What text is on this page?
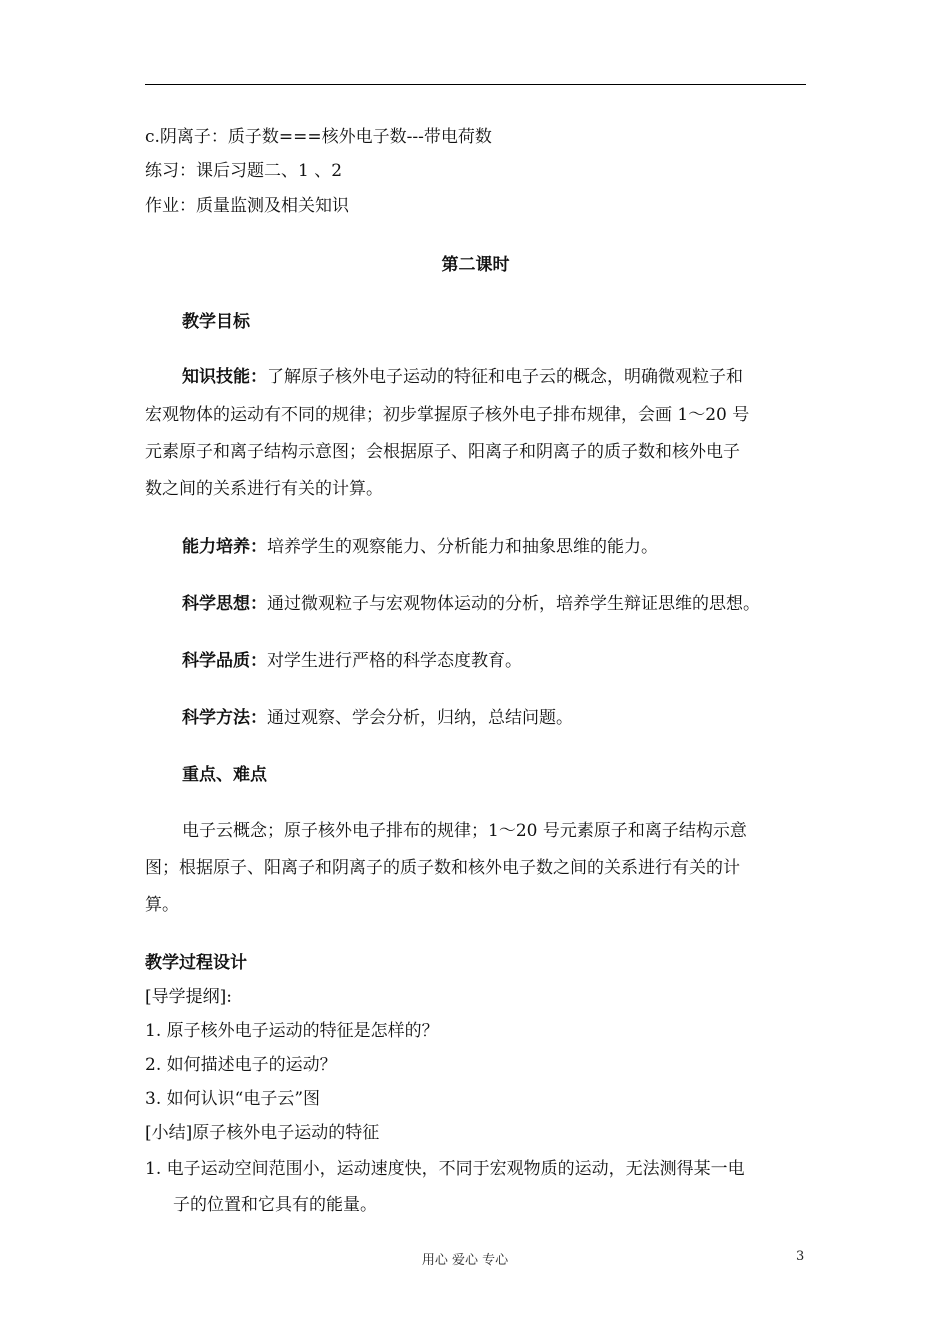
c.阴离子：质子数===核外电子数---带电荷数
练习：课后习题二、1 、2
作业：质量监测及相关知识
第二课时
教学目标
知识技能：了解原子核外电子运动的特征和电子云的概念，明确微观粒子和
宏观物体的运动有不同的规律；初步掌握原子核外电子排布规律，会画 1～20 号
元素原子和离子结构示意图；会根据原子、阳离子和阴离子的质子数和核外电子
数之间的关系进行有关的计算。
能力培养：培养学生的观察能力、分析能力和抽象思维的能力。
科学思想：通过微观粒子与宏观物体运动的分析，培养学生辩证思维的思想。
科学品质：对学生进行严格的科学态度教育。
科学方法：通过观察、学会分析，归纳，总结问题。
重点、难点
电子云概念；原子核外电子排布的规律；1～20 号元素原子和离子结构示意
图；根据原子、阳离子和阴离子的质子数和核外电子数之间的关系进行有关的计
算。
教学过程设计
[导学提纲]:
1. 原子核外电子运动的特征是怎样的？
2. 如何描述电子的运动？
3. 如何认识“电子云”图
[小结]原子核外电子运动的特征
1. 电子运动空间范围小，运动速度快，不同于宏观物质的运动，无法测得某一电
子的位置和它具有的能量。
用心 爱心 专心	3
